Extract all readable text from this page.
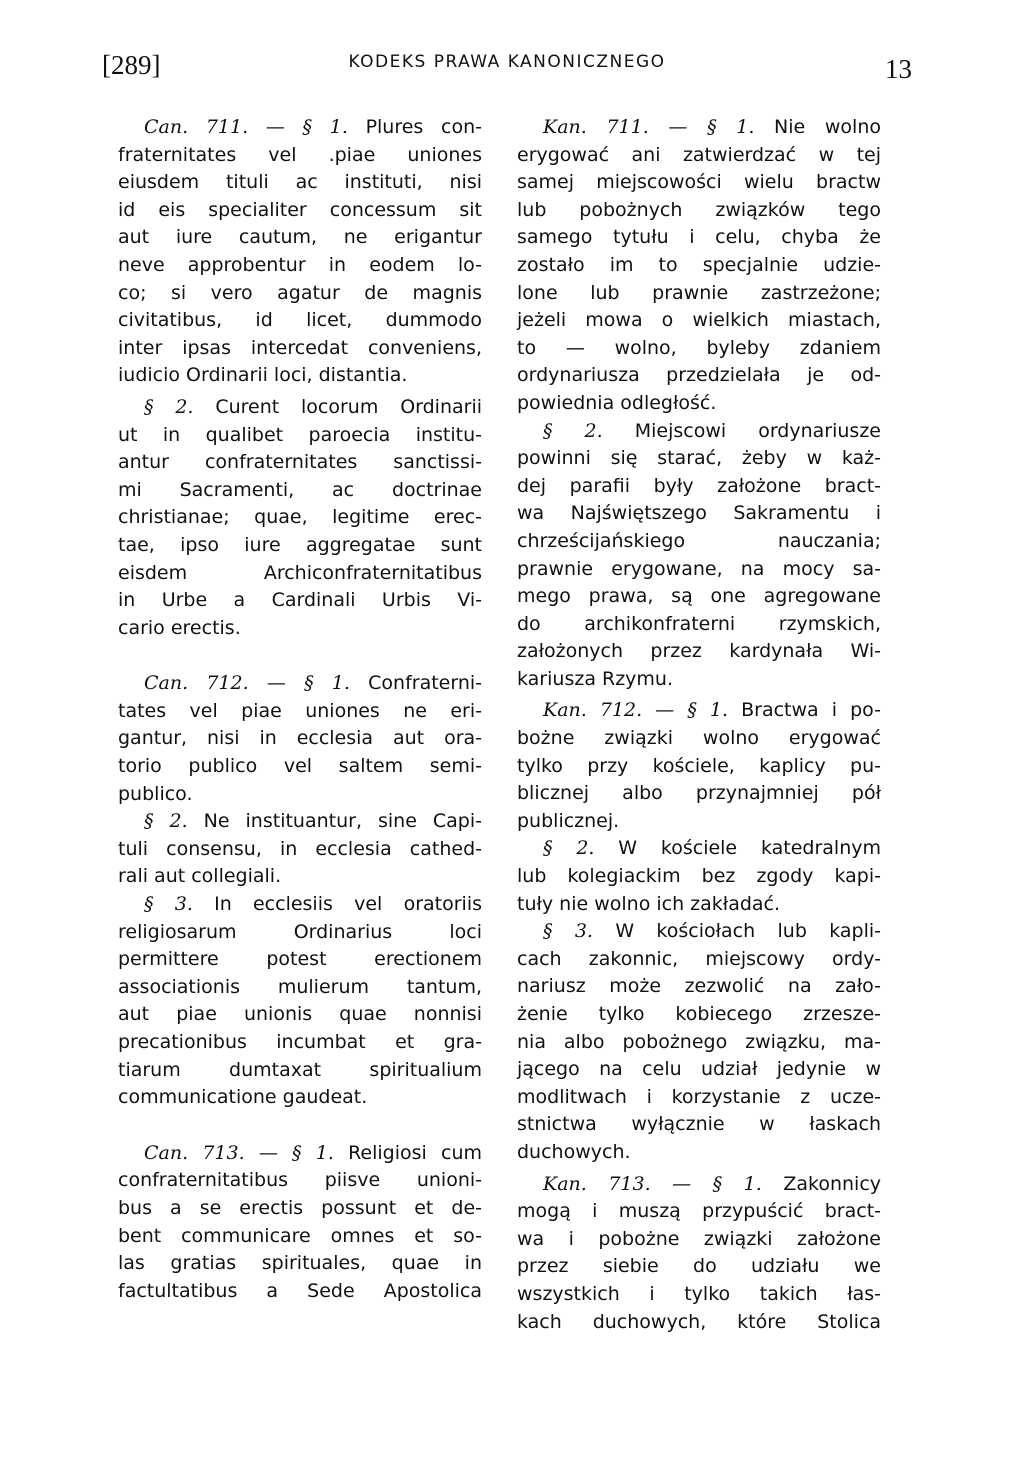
[289]	KODEKS PRAWA KANONICZNEGO	13
Can. 711. — § 1. Plures con-
fraternitates vel .piae uniones
eiusdem tituli ac instituti, nisi
id eis specialiter concessum sit
aut iure cautum, ne erigantur
neve approbentur in eodem lo-
co; si vero agatur de magnis
civitatibus, id licet, dummodo
inter ipsas intercedat conveniens,
iudicio Ordinarii loci, distantia.
§ 2. Curent locorum Ordinarii
ut in qualibet paroecia institu-
antur confraternitates sanctissi-
mi Sacramenti, ac doctrinae
christianae; quae, legitime erec-
tae, ipso iure aggregatae sunt
eisdem Archiconfraternitatibus
in Urbe a Cardinali Urbis Vi-
cario erectis.
Can. 712. — § 1. Confraterni-
tates vel piae uniones ne eri-
gantur, nisi in ecclesia aut ora-
torio publico vel saltem semi-
publico.
§ 2. Ne instituantur, sine Capi-
tuli consensu, in ecclesia cathed-
rali aut collegiali.
§ 3. In ecclesiis vel oratoriis
religiosarum Ordinarius loci
permittere potest erectionem
associationis mulierum tantum,
aut piae unionis quae nonnisi
precationibus incumbat et gra-
tiarum dumtaxat spiritualium
communicatione gaudeat.
Can. 713. — § 1. Religiosi cum
confraternitatibus piisve unioni-
bus a se erectis possunt et de-
bent communicare omnes et so-
las gratias spirituales, quae in
factultatibus a Sede Apostolica
Kan. 711. — § 1. Nie wolno
erygować ani zatwierdzać w tej
samej miejscowości wielu bractw
lub pobożnych związków tego
samego tytułu i celu, chyba że
zostało im to specjalnie udzie-
lone lub prawnie zastrzeżone;
jeżeli mowa o wielkich miastach,
to — wolno, byleby zdaniem
ordynariusza przedzielała je od-
powiednia odległość.
§ 2. Miejscowi ordynariusze
powinni się starać, żeby w każ-
dej parafii były założone bract-
wa Najświętszego Sakramentu i
chrześcijańskiego nauczania;
prawnie erygowane, na mocy sa-
mego prawa, są one agregowane
do archikonfraterni rzymskich,
założonych przez kardynała Wi-
kariusza Rzymu.
Kan. 712. — § 1. Bractwa i po-
bożne związki wolno erygować
tylko przy kościele, kaplicy pu-
blicznej albo przynajmniej pół
publicznej.
§ 2. W kościele katedralnym
lub kolegiackim bez zgody kapi-
tuły nie wolno ich zakładać.
§ 3. W kościołach lub kapli-
cach zakonnic, miejscowy ordy-
nariusz może zezwolić na zało-
żenie tylko kobiecego zrzesze-
nia albo pobożnego związku, ma-
jącego na celu udział jedynie w
modlitwach i korzystanie z ucze-
stnictwa wyłącznie w łaskach
duchowych.
Kan. 713. — § 1. Zakonnicy
mogą i muszą przypuścić bract-
wa i pobożne związki założone
przez siebie do udziału we
wszystkich i tylko takich łas-
kach duchowych, które Stolica
